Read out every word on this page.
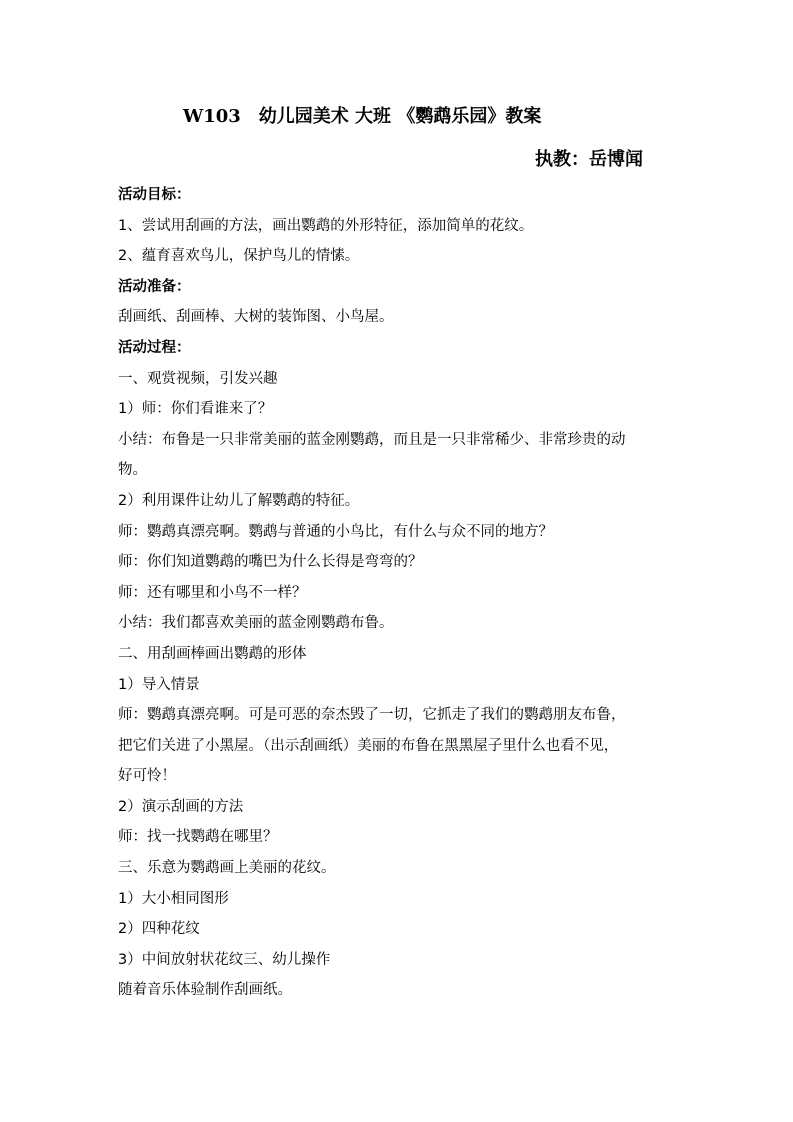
W103　幼儿园美术 大班 《鹦鹉乐园》教案
执教：岳博闻
活动目标：
1、尝试用刮画的方法，画出鹦鹉的外形特征，添加简单的花纹。
2、蕴育喜欢鸟儿，保护鸟儿的情愫。
活动准备：
刮画纸、刮画棒、大树的装饰图、小鸟屋。
活动过程：
一、观赏视频，引发兴趣
1）师：你们看谁来了？
小结：布鲁是一只非常美丽的蓝金刚鹦鹉，而且是一只非常稀少、非常珍贵的动
物。
2）利用课件让幼儿了解鹦鹉的特征。
师：鹦鹉真漂亮啊。鹦鹉与普通的小鸟比，有什么与众不同的地方？
师：你们知道鹦鹉的嘴巴为什么长得是弯弯的？
师：还有哪里和小鸟不一样？
小结：我们都喜欢美丽的蓝金刚鹦鹉布鲁。
二、用刮画棒画出鹦鹉的形体
1）导入情景
师：鹦鹉真漂亮啊。可是可恶的奈杰毁了一切，它抓走了我们的鹦鹉朋友布鲁，
把它们关进了小黑屋。（出示刮画纸）美丽的布鲁在黑黑屋子里什么也看不见，
好可怜！
2）演示刮画的方法
师：找一找鹦鹉在哪里？
三、乐意为鹦鹉画上美丽的花纹。
1）大小相同图形
2）四种花纹
3）中间放射状花纹三、幼儿操作
随着音乐体验制作刮画纸。
